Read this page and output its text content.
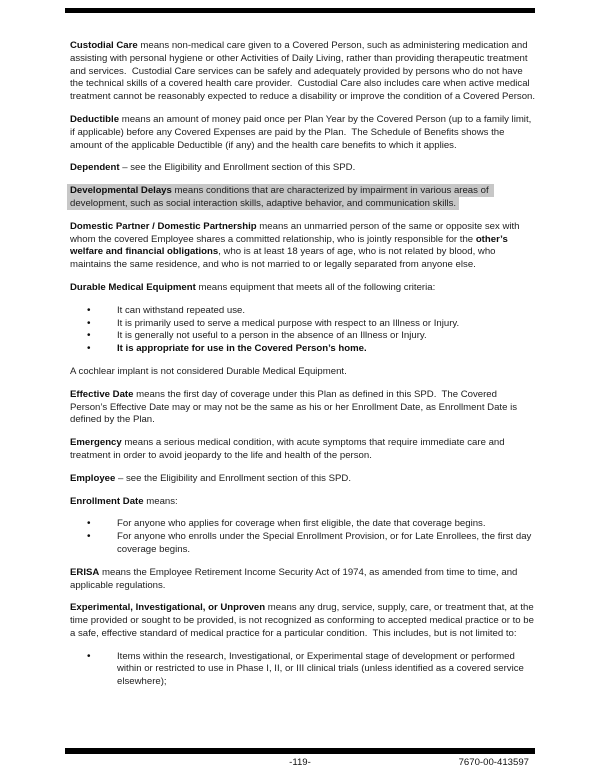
Custodial Care means non-medical care given to a Covered Person, such as administering medication and assisting with personal hygiene or other Activities of Daily Living, rather than providing therapeutic treatment and services.  Custodial Care services can be safely and adequately provided by persons who do not have the technical skills of a covered health care provider.  Custodial Care also includes care when active medical treatment cannot be reasonably expected to reduce a disability or improve the condition of a Covered Person.

Deductible means an amount of money paid once per Plan Year by the Covered Person (up to a family limit, if applicable) before any Covered Expenses are paid by the Plan.  The Schedule of Benefits shows the amount of the applicable Deductible (if any) and the health care benefits to which it applies.

Dependent – see the Eligibility and Enrollment section of this SPD.

Developmental Delays means conditions that are characterized by impairment in various areas of development, such as social interaction skills, adaptive behavior, and communication skills.

Domestic Partner / Domestic Partnership means an unmarried person of the same or opposite sex with whom the covered Employee shares a committed relationship, who is jointly responsible for the other’s welfare and financial obligations, who is at least 18 years of age, who is not related by blood, who maintains the same residence, and who is not married to or legally separated from anyone else.

Durable Medical Equipment means equipment that meets all of the following criteria:

•	It can withstand repeated use.
•	It is primarily used to serve a medical purpose with respect to an Illness or Injury.
•	It is generally not useful to a person in the absence of an Illness or Injury.
•	It is appropriate for use in the Covered Person’s home.

A cochlear implant is not considered Durable Medical Equipment.

Effective Date means the first day of coverage under this Plan as defined in this SPD.  The Covered Person’s Effective Date may or may not be the same as his or her Enrollment Date, as Enrollment Date is defined by the Plan.

Emergency means a serious medical condition, with acute symptoms that require immediate care and treatment in order to avoid jeopardy to the life and health of the person.

Employee – see the Eligibility and Enrollment section of this SPD.

Enrollment Date means:

•	For anyone who applies for coverage when first eligible, the date that coverage begins.
•	For anyone who enrolls under the Special Enrollment Provision, or for Late Enrollees, the first day coverage begins.

ERISA means the Employee Retirement Income Security Act of 1974, as amended from time to time, and applicable regulations.

Experimental, Investigational, or Unproven means any drug, service, supply, care, or treatment that, at the time provided or sought to be provided, is not recognized as conforming to accepted medical practice or to be a safe, effective standard of medical practice for a particular condition.  This includes, but is not limited to:

•	Items within the research, Investigational, or Experimental stage of development or performed within or restricted to use in Phase I, II, or III clinical trials (unless identified as a covered service elsewhere);
-119-	7670-00-413597
